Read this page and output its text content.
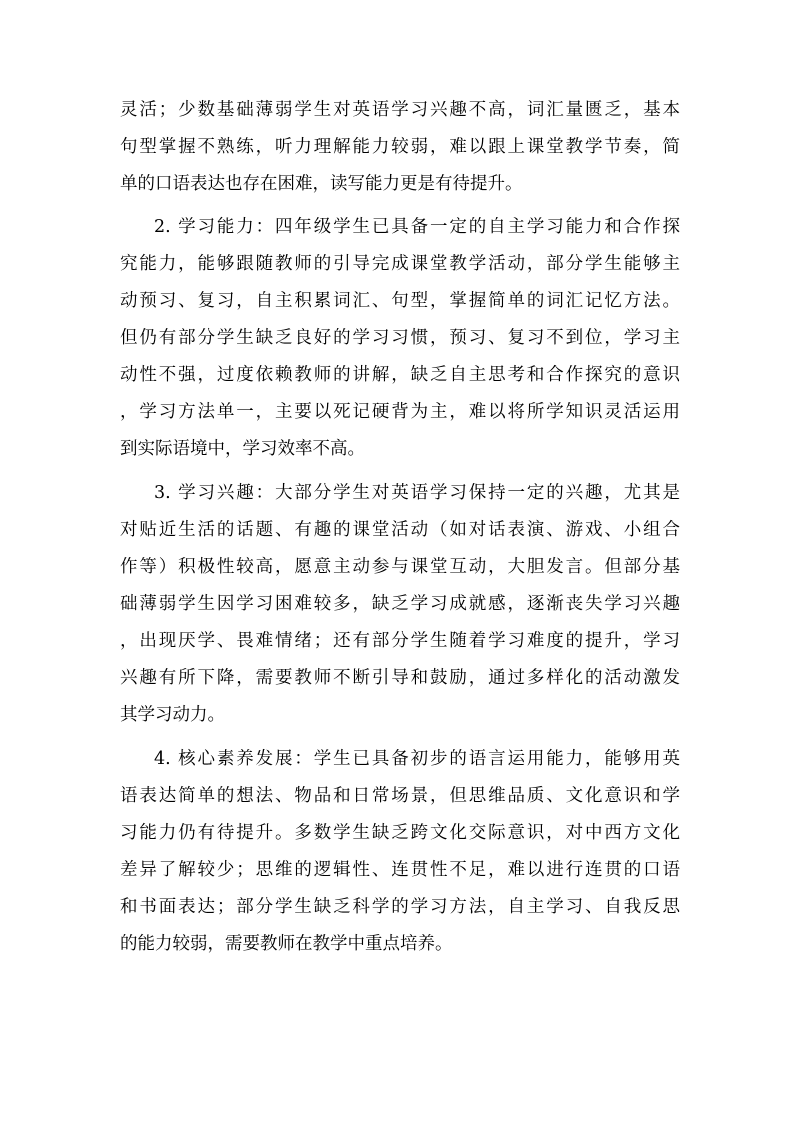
灵活；少数基础薄弱学生对英语学习兴趣不高，词汇量匮乏，基本
句型掌握不熟练，听力理解能力较弱，难以跟上课堂教学节奏，简
单的口语表达也存在困难，读写能力更是有待提升。
2. 学习能力：四年级学生已具备一定的自主学习能力和合作探
究能力，能够跟随教师的引导完成课堂教学活动，部分学生能够主
动预习、复习，自主积累词汇、句型，掌握简单的词汇记忆方法。
但仍有部分学生缺乏良好的学习习惯，预习、复习不到位，学习主
动性不强，过度依赖教师的讲解，缺乏自主思考和合作探究的意识
，学习方法单一，主要以死记硬背为主，难以将所学知识灵活运用
到实际语境中，学习效率不高。
3. 学习兴趣：大部分学生对英语学习保持一定的兴趣，尤其是
对贴近生活的话题、有趣的课堂活动（如对话表演、游戏、小组合
作等）积极性较高，愿意主动参与课堂互动，大胆发言。但部分基
础薄弱学生因学习困难较多，缺乏学习成就感，逐渐丧失学习兴趣
，出现厌学、畏难情绪；还有部分学生随着学习难度的提升，学习
兴趣有所下降，需要教师不断引导和鼓励，通过多样化的活动激发
其学习动力。
4. 核心素养发展：学生已具备初步的语言运用能力，能够用英
语表达简单的想法、物品和日常场景，但思维品质、文化意识和学
习能力仍有待提升。多数学生缺乏跨文化交际意识，对中西方文化
差异了解较少；思维的逻辑性、连贯性不足，难以进行连贯的口语
和书面表达；部分学生缺乏科学的学习方法，自主学习、自我反思
的能力较弱，需要教师在教学中重点培养。
